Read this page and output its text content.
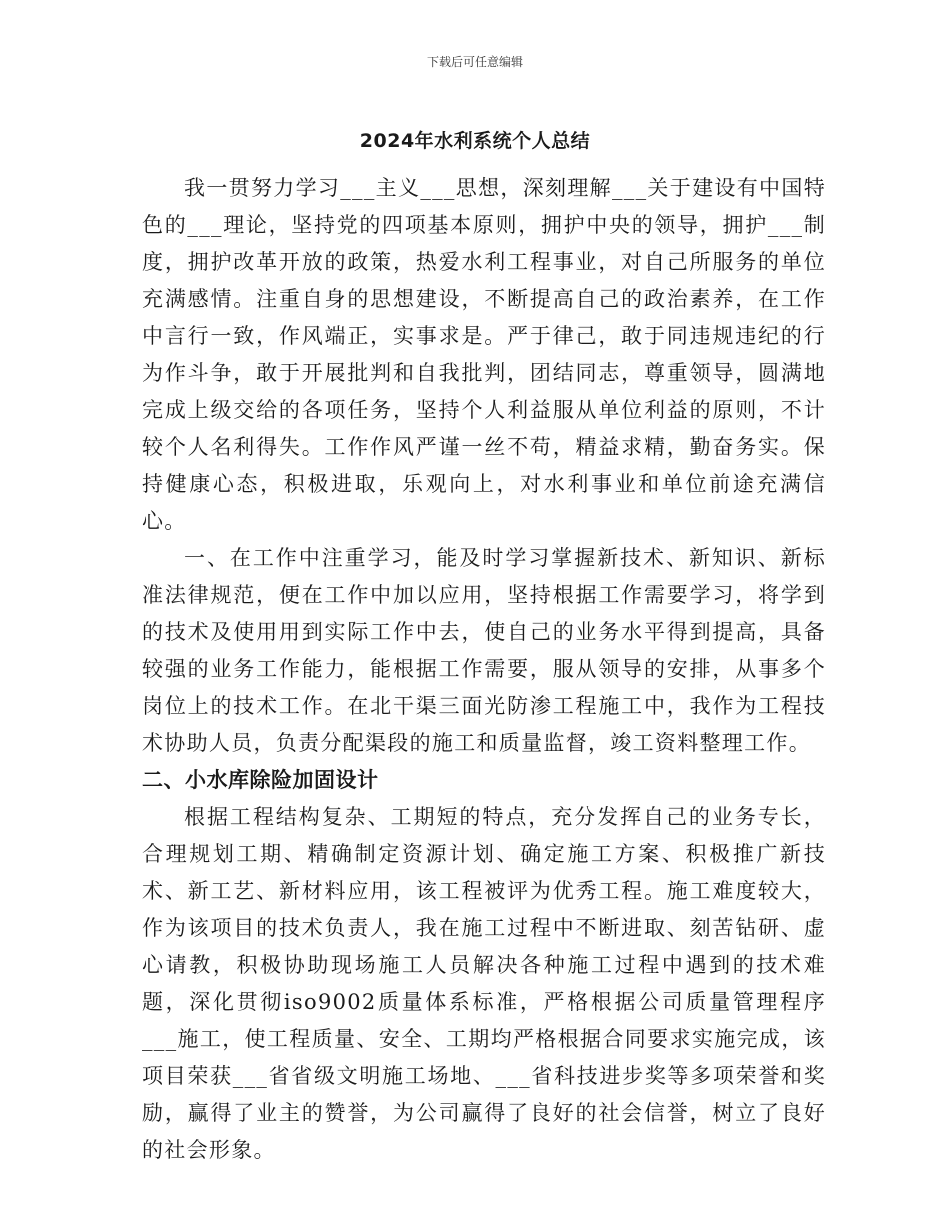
下载后可任意编辑
2024年水利系统个人总结

我一贯努力学习___主义___思想，深刻理解___关于建设有中国特色的___理论，坚持党的四项基本原则，拥护中央的领导，拥护___制度，拥护改革开放的政策，热爱水利工程事业，对自己所服务的单位充满感情。注重自身的思想建设，不断提高自己的政治素养，在工作中言行一致，作风端正，实事求是。严于律己，敢于同违规违纪的行为作斗争，敢于开展批判和自我批判，团结同志，尊重领导，圆满地完成上级交给的各项任务，坚持个人利益服从单位利益的原则，不计较个人名利得失。工作作风严谨一丝不苟，精益求精，勤奋务实。保持健康心态，积极进取，乐观向上，对水利事业和单位前途充满信心。

一、在工作中注重学习，能及时学习掌握新技术、新知识、新标准法律规范，便在工作中加以应用，坚持根据工作需要学习，将学到的技术及使用用到实际工作中去，使自己的业务水平得到提高，具备较强的业务工作能力，能根据工作需要，服从领导的安排，从事多个岗位上的技术工作。在北干渠三面光防渗工程施工中，我作为工程技术协助人员，负责分配渠段的施工和质量监督，竣工资料整理工作。

二、小水库除险加固设计

根据工程结构复杂、工期短的特点，充分发挥自己的业务专长，合理规划工期、精确制定资源计划、确定施工方案、积极推广新技术、新工艺、新材料应用，该工程被评为优秀工程。施工难度较大，作为该项目的技术负责人，我在施工过程中不断进取、刻苦钻研、虚心请教，积极协助现场施工人员解决各种施工过程中遇到的技术难题，深化贯彻iso9002质量体系标准，严格根据公司质量管理程序___施工，使工程质量、安全、工期均严格根据合同要求实施完成，该项目荣获___省省级文明施工场地、___省科技进步奖等多项荣誉和奖励，赢得了业主的赞誉，为公司赢得了良好的社会信誉，树立了良好的社会形象。
